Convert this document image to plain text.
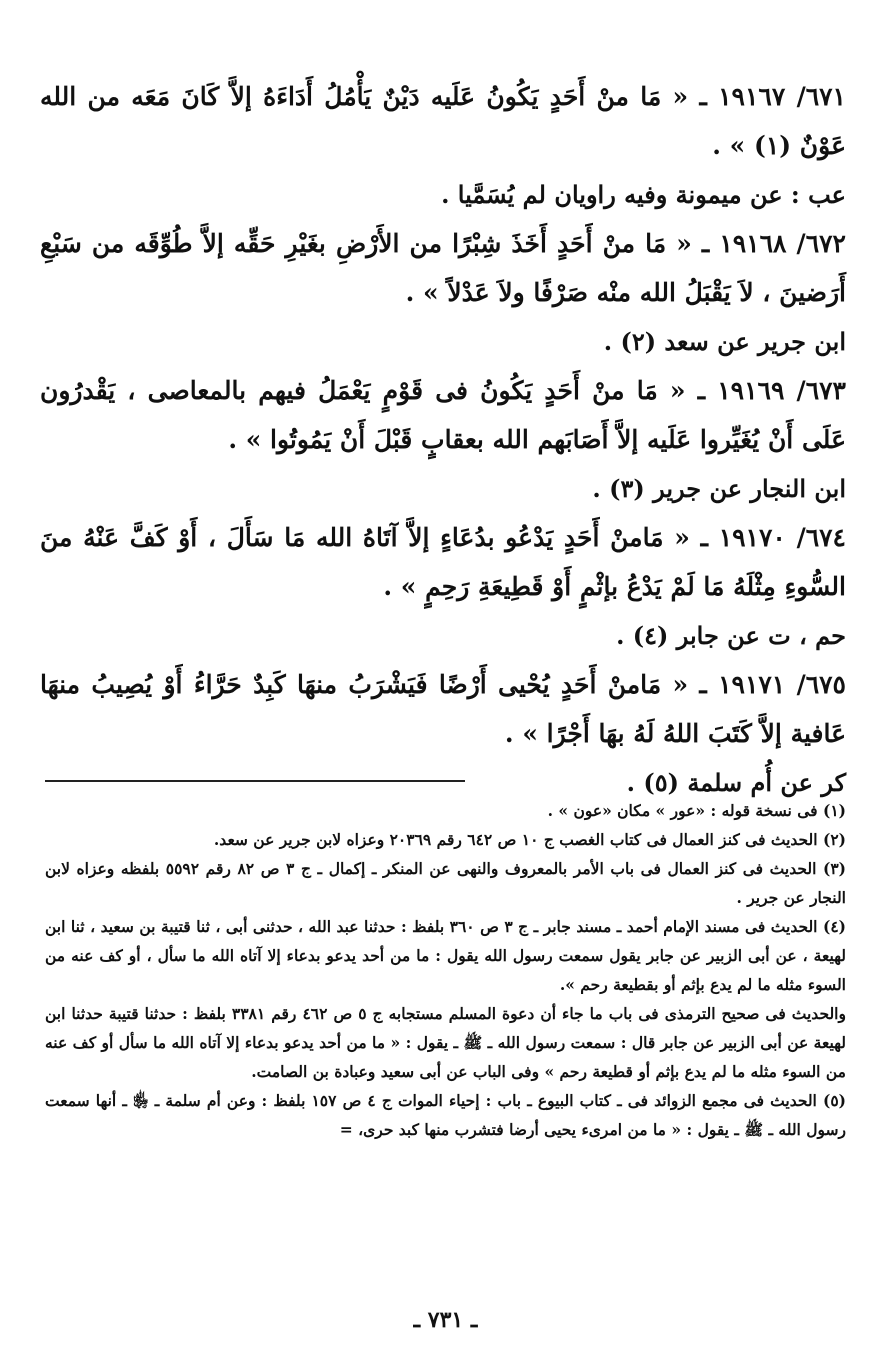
٦٧١/ ١٩١٦٧ ـ « مَا منْ أَحَدٍ يَكُونُ عَلَيه دَيْنٌ يَأْمُلُ أَدَاءَهُ إلاَّ كَانَ مَعَه من الله عَوْنٌ (١) » .

عب : عن ميمونة وفيه راويان لم يُسَمَّيا .

٦٧٢/ ١٩١٦٨ ـ « مَا منْ أَحَدٍ أَخَذَ شِبْرًا من الأَرْضِ بغَيْرِ حَقِّه إلاَّ طُوِّقَه من سَبْعِ أَرَضينَ ، لاَ يَقْبَلُ الله منْه صَرْفًا ولاَ عَدْلاً » .

ابن جرير عن سعد (٢) .

٦٧٣/ ١٩١٦٩ ـ « مَا منْ أَحَدٍ يَكُونُ فى قَوْمٍ يَعْمَلُ فيهم بالمعاصى ، يَقْدرُون عَلَى أَنْ يُغَيِّروا عَلَيه إلاَّ أَصَابَهم الله بعقابٍ قَبْلَ أَنْ يَمُوتُوا » .

ابن النجار عن جرير (٣) .

٦٧٤/ ١٩١٧٠ ـ « مَامنْ أَحَدٍ يَدْعُو بدُعَاءٍ إلاَّ آتَاهُ الله مَا سَأَلَ ، أَوْ كَفَّ عَنْهُ منَ السُّوءِ مِثْلَهُ مَا لَمْ يَدْعُ بإثْمٍ أَوْ قَطِيعَةِ رَحِمٍ » .

حم ، ت عن جابر (٤) .

٦٧٥/ ١٩١٧١ ـ « مَامنْ أَحَدٍ يُحْيى أَرْضًا فَيَشْرَبُ منهَا كَبِدٌ حَرَّاءُ أَوْ يُصِيبُ منهَا عَافية إلاَّ كَتَبَ اللهُ لَهُ بهَا أَجْرًا » .

كر عن أُم سلمة (٥) .

(١) فى نسخة قوله : «عور » مكان «عون » .

(٢) الحديث فى كنز العمال فى كتاب الغصب ج ١٠ ص ٦٤٢ رقم ٢٠٣٦٩ وعزاه لابن جرير عن سعد.

(٣) الحديث فى كنز العمال فى باب الأمر بالمعروف والنهى عن المنكر ـ إكمال ـ ج ٣ ص ٨٢ رقم ٥٥٩٢ بلفظه وعزاه لابن النجار عن جرير .

(٤) الحديث فى مسند الإمام أحمد ـ مسند جابر ـ ج ٣ ص ٣٦٠ بلفظ : حدثنا عبد الله ، حدثنى أبى ، ثنا قتيبة بن سعيد ، ثنا ابن لهيعة ، عن أبى الزبير عن جابر يقول سمعت رسول الله يقول : ما من أحد يدعو بدعاء إلا آتاه الله ما سأل ، أو كف عنه من السوء مثله ما لم يدع بإثم أو بقطيعة رحم ».

والحديث فى صحيح الترمذى فى باب ما جاء أن دعوة المسلم مستجابه ج ٥ ص ٤٦٢ رقم ٣٣٨١ بلفظ : حدثنا قتيبة حدثنا ابن لهيعة عن أبى الزبير عن جابر قال : سمعت رسول الله ـ ﷺ ـ يقول : « ما من أحد يدعو بدعاء إلا آتاه الله ما سأل أو كف عنه من السوء مثله ما لم يدع بإثم أو قطيعة رحم » وفى الباب عن أبى سعيد وعبادة بن الصامت.

(٥) الحديث فى مجمع الزوائد فى ـ كتاب البيوع ـ باب : إحياء الموات ج ٤ ص ١٥٧ بلفظ : وعن أم سلمة ـ ﵂ ـ أنها سمعت رسول الله ـ ﷺ ـ يقول : « ما من امرىء يحيى أرضا فتشرب منها كبد حرى، =

ـ ٧٣١ ـ
